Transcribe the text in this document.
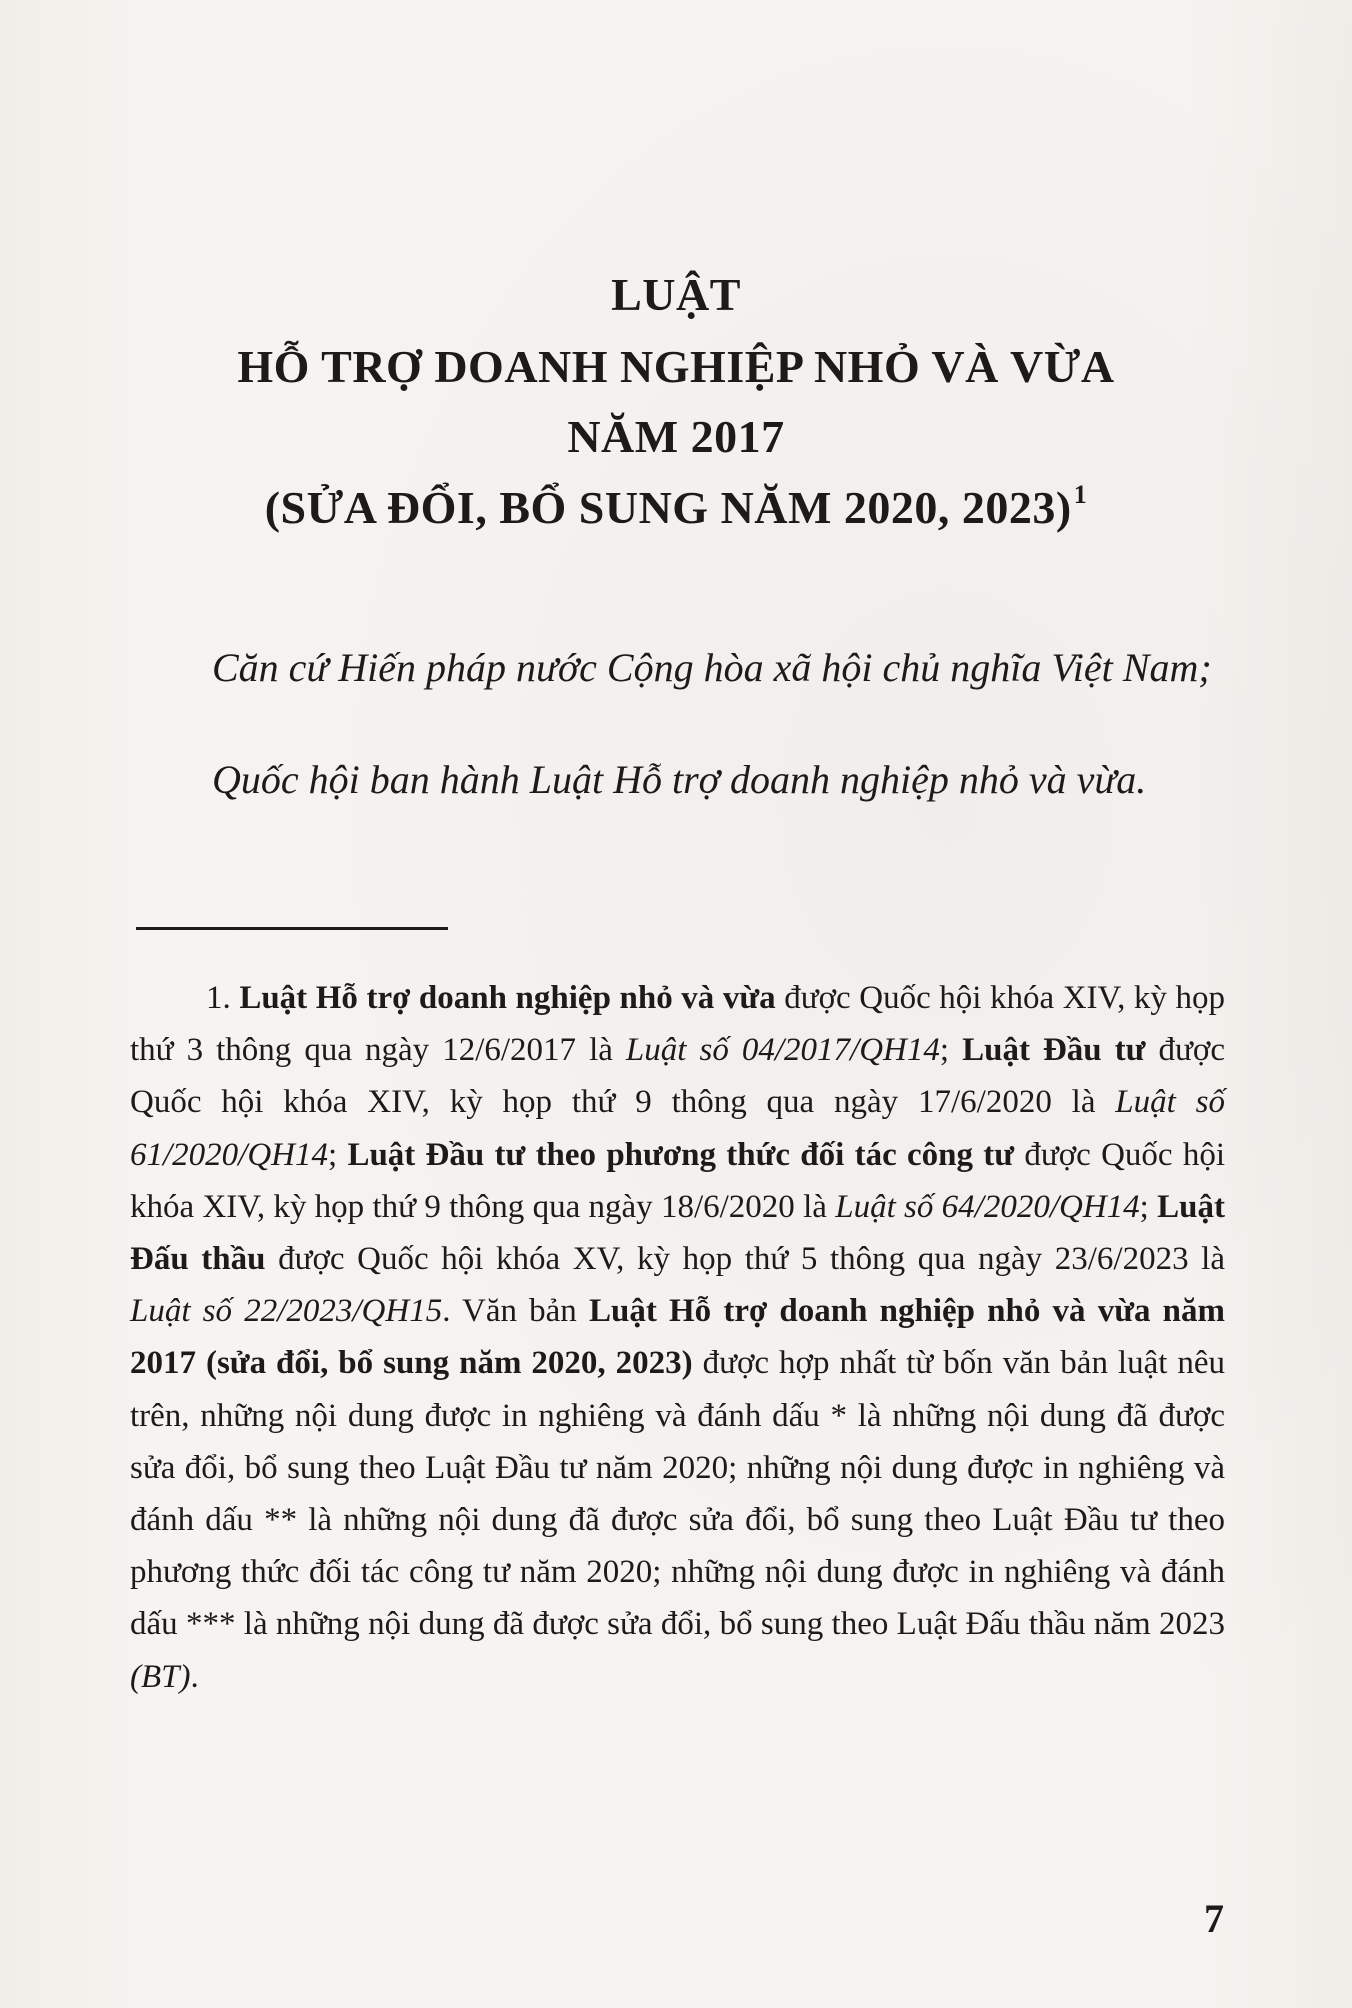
LUẬT
HỖ TRỢ DOANH NGHIỆP NHỎ VÀ VỪA
NĂM 2017
(SỬA ĐỔI, BỔ SUNG NĂM 2020, 2023)$^1$
Căn cứ Hiến pháp nước Cộng hòa xã hội chủ nghĩa Việt Nam;
Quốc hội ban hành Luật Hỗ trợ doanh nghiệp nhỏ và vừa.
1. Luật Hỗ trợ doanh nghiệp nhỏ và vừa được Quốc hội khóa XIV, kỳ họp thứ 3 thông qua ngày 12/6/2017 là Luật số 04/2017/QH14; Luật Đầu tư được Quốc hội khóa XIV, kỳ họp thứ 9 thông qua ngày 17/6/2020 là Luật số 61/2020/QH14; Luật Đầu tư theo phương thức đối tác công tư được Quốc hội khóa XIV, kỳ họp thứ 9 thông qua ngày 18/6/2020 là Luật số 64/2020/QH14; Luật Đấu thầu được Quốc hội khóa XV, kỳ họp thứ 5 thông qua ngày 23/6/2023 là Luật số 22/2023/QH15. Văn bản Luật Hỗ trợ doanh nghiệp nhỏ và vừa năm 2017 (sửa đổi, bổ sung năm 2020, 2023) được hợp nhất từ bốn văn bản luật nêu trên, những nội dung được in nghiêng và đánh dấu * là những nội dung đã được sửa đổi, bổ sung theo Luật Đầu tư năm 2020; những nội dung được in nghiêng và đánh dấu ** là những nội dung đã được sửa đổi, bổ sung theo Luật Đầu tư theo phương thức đối tác công tư năm 2020; những nội dung được in nghiêng và đánh dấu *** là những nội dung đã được sửa đổi, bổ sung theo Luật Đấu thầu năm 2023 (BT).
7
